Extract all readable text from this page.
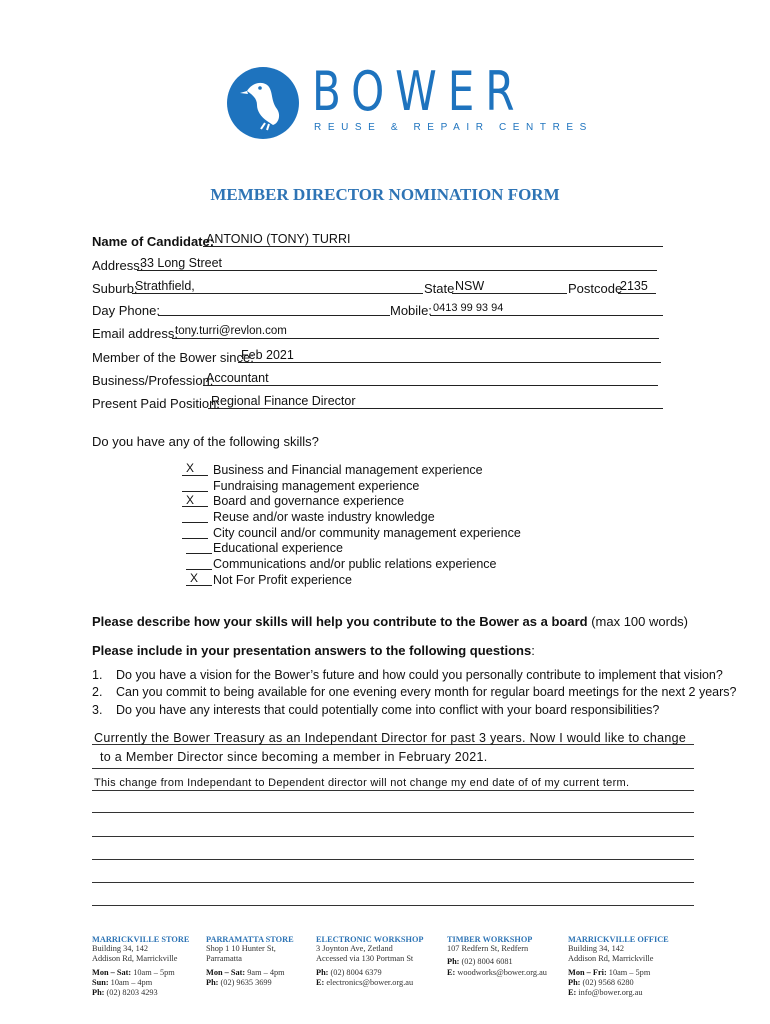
BOWER
REUSE & REPAIR CENTRES
MEMBER DIRECTOR NOMINATION FORM
Name of Candidate:
ANTONIO (TONY) TURRI
Address:
33 Long Street
Suburb:
Strathfield,	State NSW	Postcode
2135
Day Phone:	Mobile: 0413 99 93 94
Email address:
tony.turri@revlon.com
Member of the Bower since:
Feb 2021
Business/Profession:
Accountant
Present Paid Position:
Regional Finance Director
Do you have any of the following skills?
X Business and Financial management experience
Fundraising management experience
X Board and governance experience
Reuse and/or waste industry knowledge
City council and/or community management experience
Educational experience
Communications and/or public relations experience
X Not For Profit experience
Please describe how your skills will help you contribute to the Bower as a board (max 100 words)
Please include in your presentation answers to the following questions:
1. Do you have a vision for the Bower’s future and how could you personally contribute to implement that vision?
2. Can you commit to being available for one evening every month for regular board meetings for the next 2 years?
3. Do you have any interests that could potentially come into conflict with your board responsibilities?
Currently the Bower Treasury as an Independant Director for past 3 years. Now I would like to change
to a Member Director since becoming a member in February 2021.
This change from Independant to Dependent director will not change my end date of of my current term.
MARRICKVILLE STORE
Building 34, 142
Addison Rd, Marrickville
Mon – Sat: 10am – 5pm
Sun: 10am – 4pm
Ph: (02) 8203 4293
PARRAMATTA STORE
Shop 1 10 Hunter St,
Parramatta
Mon – Sat: 9am – 4pm
Ph: (02) 9635 3699
ELECTRONIC WORKSHOP
3 Joynton Ave, Zetland
Accessed via 130 Portman St
Ph: (02) 8004 6379
E: electronics@bower.org.au
TIMBER WORKSHOP
107 Redfern St, Redfern
Ph: (02) 8004 6081
E: woodworks@bower.org.au
MARRICKVILLE OFFICE
Building 34, 142
Addison Rd, Marrickville
Mon – Fri: 10am – 5pm
Ph: (02) 9568 6280
E: info@bower.org.au
